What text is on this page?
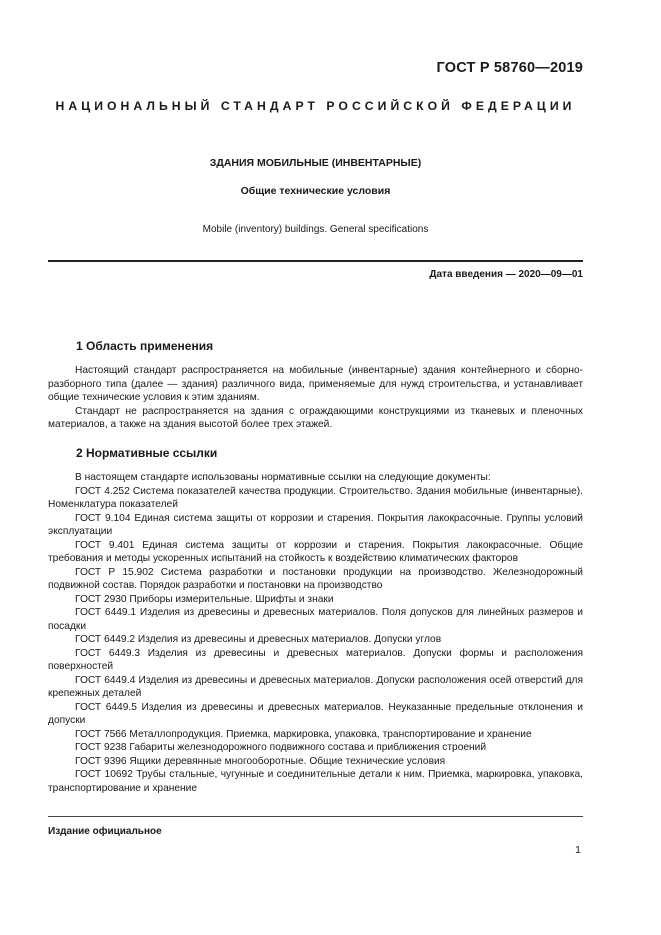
ГОСТ Р 58760—2019
НАЦИОНАЛЬНЫЙ СТАНДАРТ РОССИЙСКОЙ ФЕДЕРАЦИИ
ЗДАНИЯ МОБИЛЬНЫЕ (ИНВЕНТАРНЫЕ)
Общие технические условия
Mobile (inventory) buildings. General specifications
Дата введения — 2020—09—01
1 Область применения

Настоящий стандарт распространяется на мобильные (инвентарные) здания контейнерного и сборно-разборного типа (далее — здания) различного вида, применяемые для нужд строительства, и устанавливает общие технические условия к этим зданиям.

Стандарт не распространяется на здания с ограждающими конструкциями из тканевых и пленочных материалов, а также на здания высотой более трех этажей.

2 Нормативные ссылки

В настоящем стандарте использованы нормативные ссылки на следующие документы:

ГОСТ 4.252 Система показателей качества продукции. Строительство. Здания мобильные (инвентарные). Номенклатура показателей

ГОСТ 9.104 Единая система защиты от коррозии и старения. Покрытия лакокрасочные. Группы условий эксплуатации

ГОСТ 9.401 Единая система защиты от коррозии и старения. Покрытия лакокрасочные. Общие требования и методы ускоренных испытаний на стойкость к воздействию климатических факторов

ГОСТ Р 15.902 Система разработки и постановки продукции на производство. Железнодорожный подвижной состав. Порядок разработки и постановки на производство

ГОСТ 2930 Приборы измерительные. Шрифты и знаки

ГОСТ 6449.1 Изделия из древесины и древесных материалов. Поля допусков для линейных размеров и посадки

ГОСТ 6449.2 Изделия из древесины и древесных материалов. Допуски углов

ГОСТ 6449.3 Изделия из древесины и древесных материалов. Допуски формы и расположения поверхностей

ГОСТ 6449.4 Изделия из древесины и древесных материалов. Допуски расположения осей отверстий для крепежных деталей

ГОСТ 6449.5 Изделия из древесины и древесных материалов. Неуказанные предельные отклонения и допуски

ГОСТ 7566 Металлопродукция. Приемка, маркировка, упаковка, транспортирование и хранение

ГОСТ 9238 Габариты железнодорожного подвижного состава и приближения строений

ГОСТ 9396 Ящики деревянные многооборотные. Общие технические условия

ГОСТ 10692 Трубы стальные, чугунные и соединительные детали к ним. Приемка, маркировка, упаковка, транспортирование и хранение

Издание официальное
1
